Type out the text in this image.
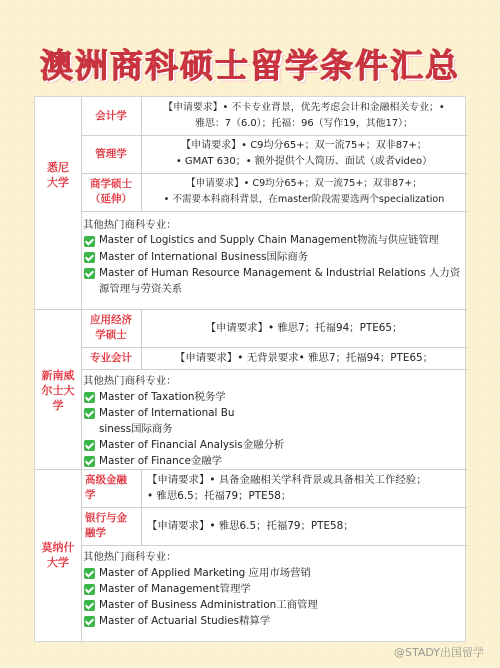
澳洲商科硕士留学条件汇总
悉尼大学
会计学
【申请要求】• 不卡专业背景，优先考虑会计和金融相关专业；•
雅思：7（6.0）；托福：96（写作19，其他17）；
管理学
【申请要求】• C9均分65+；双一流75+；双非87+；
• GMAT 630；• 额外提供个人简历、面试（或者video）
商学硕士（延伸）
【申请要求】• C9均分65+；双一流75+；双非87+；
• 不需要本科商科背景，在master阶段需要选两个specialization
其他热门商科专业：
Master of Logistics and Supply Chain Management物流与供应链管理
Master of International Business国际商务
Master of Human Resource Management & Industrial Relations 人力资源管理与劳资关系
新南威尔士大学
应用经济学硕士
【申请要求】• 雅思7；托福94；PTE65；
专业会计	【申请要求】• 无背景要求• 雅思7；托福94；PTE65；
其他热门商科专业：
Master of Taxation税务学
Master of International Business国际商务
Master of Financial Analysis金融分析
Master of Finance金融学
莫纳什大学
高级金融学
【申请要求】• 具备金融相关学科背景或具备相关工作经验；
• 雅思6.5；托福79；PTE58；
银行与金融学
【申请要求】• 雅思6.5；托福79；PTE58；
其他热门商科专业：
Master of Applied Marketing 应用市场营销
Master of Management管理学
Master of Business Administration工商管理
Master of Actuarial Studies精算学
@STADY出国留学
